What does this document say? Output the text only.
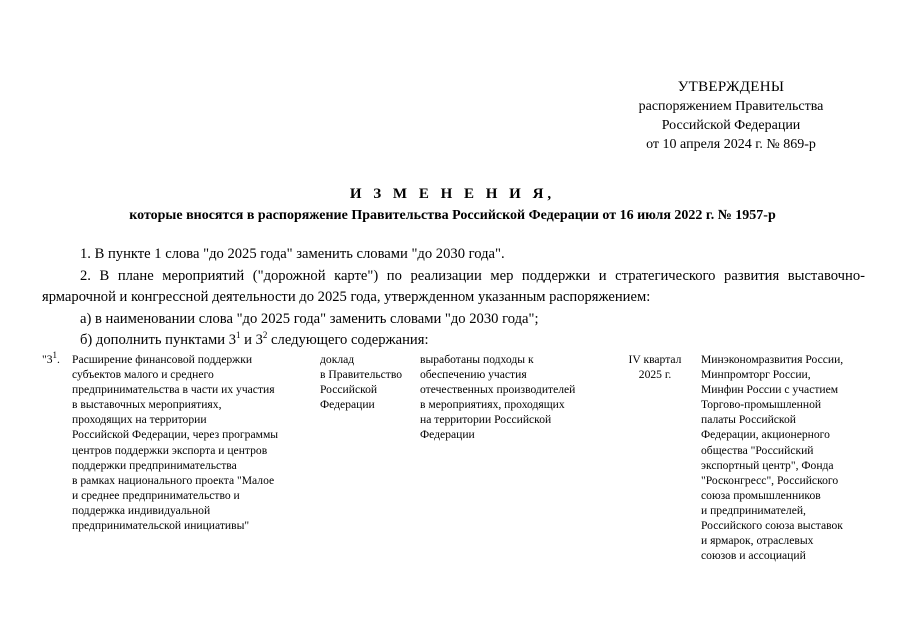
УТВЕРЖДЕНЫ
распоряжением Правительства
Российской Федерации
от 10 апреля 2024 г. № 869-р
И З М Е Н Е Н И Я,
которые вносятся в распоряжение Правительства Российской Федерации от 16 июля 2022 г. № 1957-р

1. В пункте 1 слова "до 2025 года" заменить словами "до 2030 года".

2. В плане мероприятий ("дорожной карте") по реализации мер поддержки и стратегического развития выставочно-ярмарочной и конгрессной деятельности до 2025 года, утвержденном указанным распоряжением:

а) в наименовании слова "до 2025 года" заменить словами "до 2030 года";

б) дополнить пунктами $3^1$ и $3^2$ следующего содержания:

"$3^1$.	Расширение финансовой поддержки
субъектов малого и среднего
предпринимательства в части их участия
в выставочных мероприятиях,
проходящих на территории
Российской Федерации, через программы
центров поддержки экспорта и центров
поддержки предпринимательства
в рамках национального проекта "Малое
и среднее предпринимательство и
поддержка индивидуальной
предпринимательской инициативы"
доклад
в Правительство
Российской
Федерации
выработаны подходы к
обеспечению участия
отечественных производителей
в мероприятиях, проходящих
на территории Российской
Федерации
IV квартал
2025 г.
Минэкономразвития России,
Минпромторг России,
Минфин России с участием
Торгово-промышленной
палаты Российской
Федерации, акционерного
общества "Российский
экспортный центр", Фонда
"Росконгресс", Российского
союза промышленников
и предпринимателей,
Российского союза выставок
и ярмарок, отраслевых
союзов и ассоциаций
